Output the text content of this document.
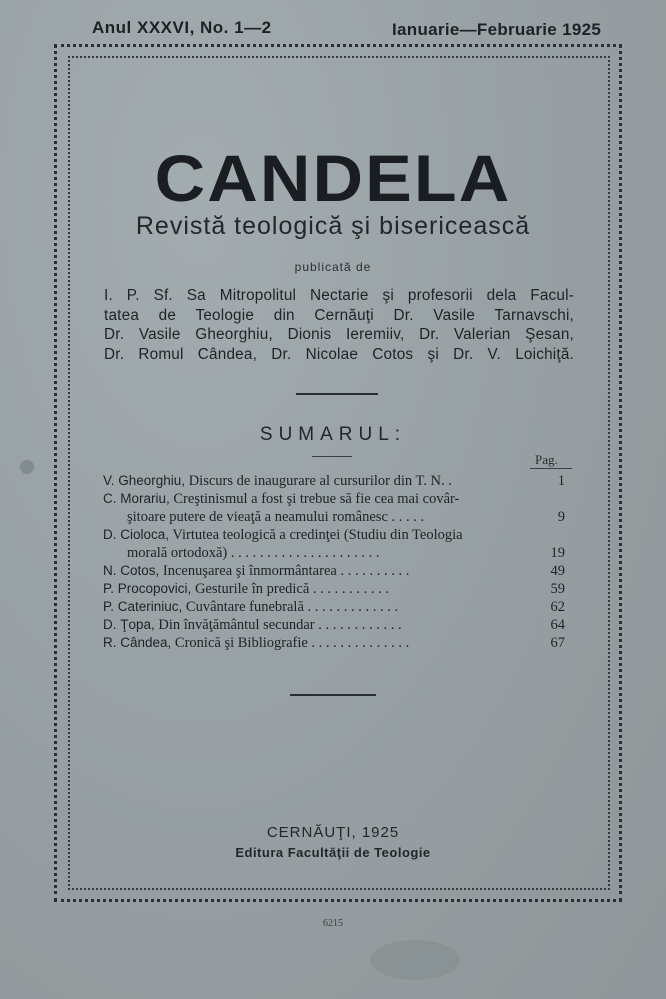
Anul XXXVI, No. 1—2	Ianuarie—Februarie 1925
CANDELA
Revistă teologică şi bisericească
publicată de
I. P. Sf. Sa Mitropolitul Nectarie şi profesorii dela Facul-
tatea de Teologie din Cernăuţi Dr. Vasile Tarnavschi,
Dr. Vasile Gheorghiu, Dionis Ieremiiv, Dr. Valerian Şesan,
Dr. Romul Cândea, Dr. Nicolae Cotos şi Dr. V. Loichiţă.
SUMARUL:
Pag.
V. Gheorghiu, Discurs de inaugurare al cursurilor din T. N. .	1
C. Morariu, Creştinismul a fost şi trebue să fie cea mai covâr-
şitoare putere de vieaţă a neamului românesc . . . . .	9
D. Cioloca, Virtutea teologică a credinţei (Studiu din Teologia
morală ortodoxă) . . . . . . . . . . . . . . . . . . . . .	19
N. Cotos, Incenuşarea şi înmormântarea . . . . . . . . . .	49
P. Procopovici, Gesturile în predică . . . . . . . . . . .	59
P. Cateriniuc, Cuvântare funebrală . . . . . . . . . . . . .	62
D. Ţopa, Din învăţământul secundar . . . . . . . . . . . .	64
R. Cândea, Cronică şi Bibliografie . . . . . . . . . . . . . .	67
CERNĂUŢI, 1925
Editura Facultăţii de Teologie
6215
